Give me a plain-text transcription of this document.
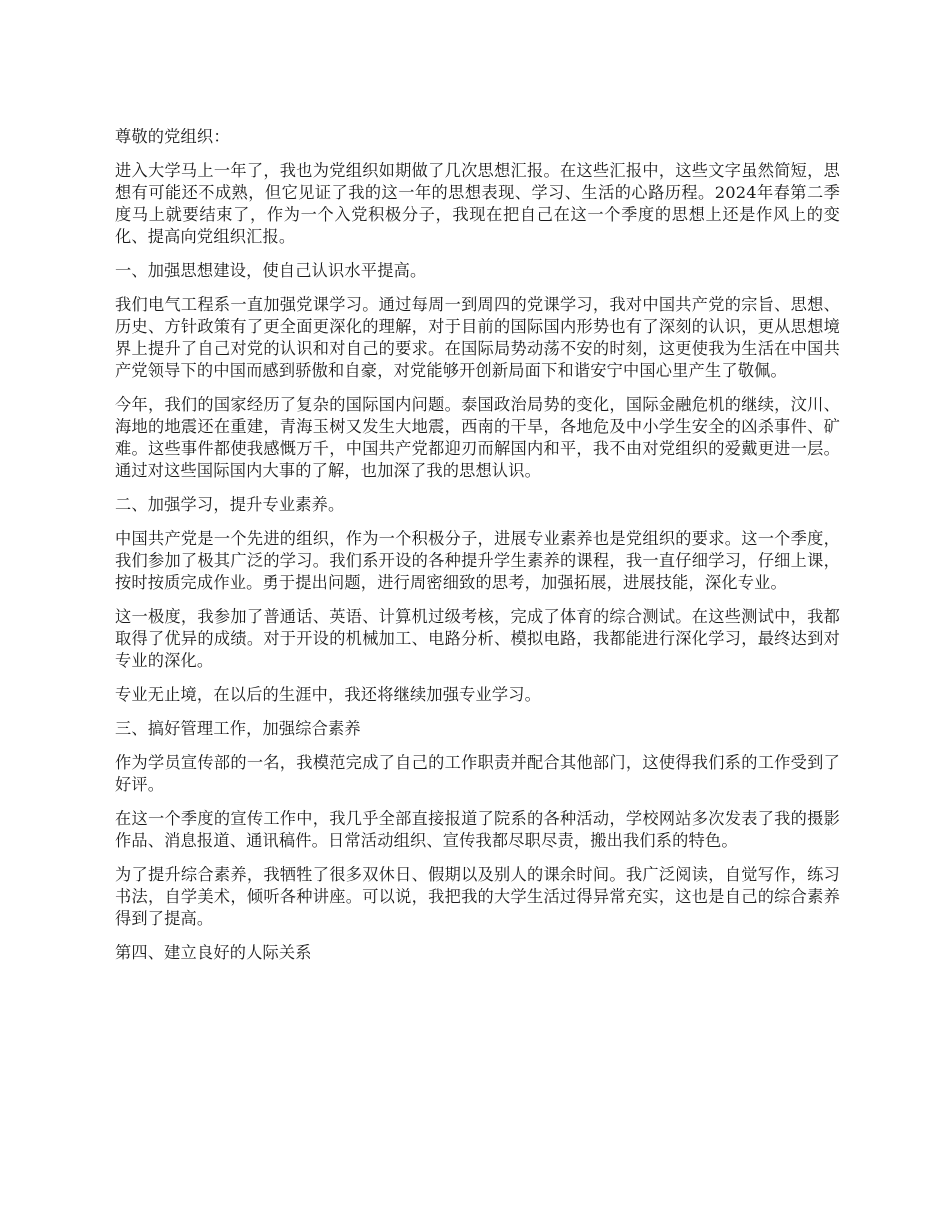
尊敬的党组织：

进入大学马上一年了，我也为党组织如期做了几次思想汇报。在这些汇报中，这些文字虽然简短，思想有可能还不成熟，但它见证了我的这一年的思想表现、学习、生活的心路历程。2024年春第二季度马上就要结束了，作为一个入党积极分子，我现在把自己在这一个季度的思想上还是作风上的变化、提高向党组织汇报。

一、加强思想建设，使自己认识水平提高。

我们电气工程系一直加强党课学习。通过每周一到周四的党课学习，我对中国共产党的宗旨、思想、历史、方针政策有了更全面更深化的理解，对于目前的国际国内形势也有了深刻的认识，更从思想境界上提升了自己对党的认识和对自己的要求。在国际局势动荡不安的时刻，这更使我为生活在中国共产党领导下的中国而感到骄傲和自豪，对党能够开创新局面下和谐安宁中国心里产生了敬佩。

今年，我们的国家经历了复杂的国际国内问题。泰国政治局势的变化，国际金融危机的继续，汶川、海地的地震还在重建，青海玉树又发生大地震，西南的干旱，各地危及中小学生安全的凶杀事件、矿难。这些事件都使我感慨万千，中国共产党都迎刃而解国内和平，我不由对党组织的爱戴更进一层。通过对这些国际国内大事的了解，也加深了我的思想认识。

二、加强学习，提升专业素养。

中国共产党是一个先进的组织，作为一个积极分子，进展专业素养也是党组织的要求。这一个季度，我们参加了极其广泛的学习。我们系开设的各种提升学生素养的课程，我一直仔细学习，仔细上课，按时按质完成作业。勇于提出问题，进行周密细致的思考，加强拓展，进展技能，深化专业。

这一极度，我参加了普通话、英语、计算机过级考核，完成了体育的综合测试。在这些测试中，我都取得了优异的成绩。对于开设的机械加工、电路分析、模拟电路，我都能进行深化学习，最终达到对专业的深化。

专业无止境，在以后的生涯中，我还将继续加强专业学习。

三、搞好管理工作，加强综合素养

作为学员宣传部的一名，我模范完成了自己的工作职责并配合其他部门，这使得我们系的工作受到了好评。

在这一个季度的宣传工作中，我几乎全部直接报道了院系的各种活动，学校网站多次发表了我的摄影作品、消息报道、通讯稿件。日常活动组织、宣传我都尽职尽责，搬出我们系的特色。

为了提升综合素养，我牺牲了很多双休日、假期以及别人的课余时间。我广泛阅读，自觉写作，练习书法，自学美术，倾听各种讲座。可以说，我把我的大学生活过得异常充实，这也是自己的综合素养得到了提高。

第四、建立良好的人际关系
